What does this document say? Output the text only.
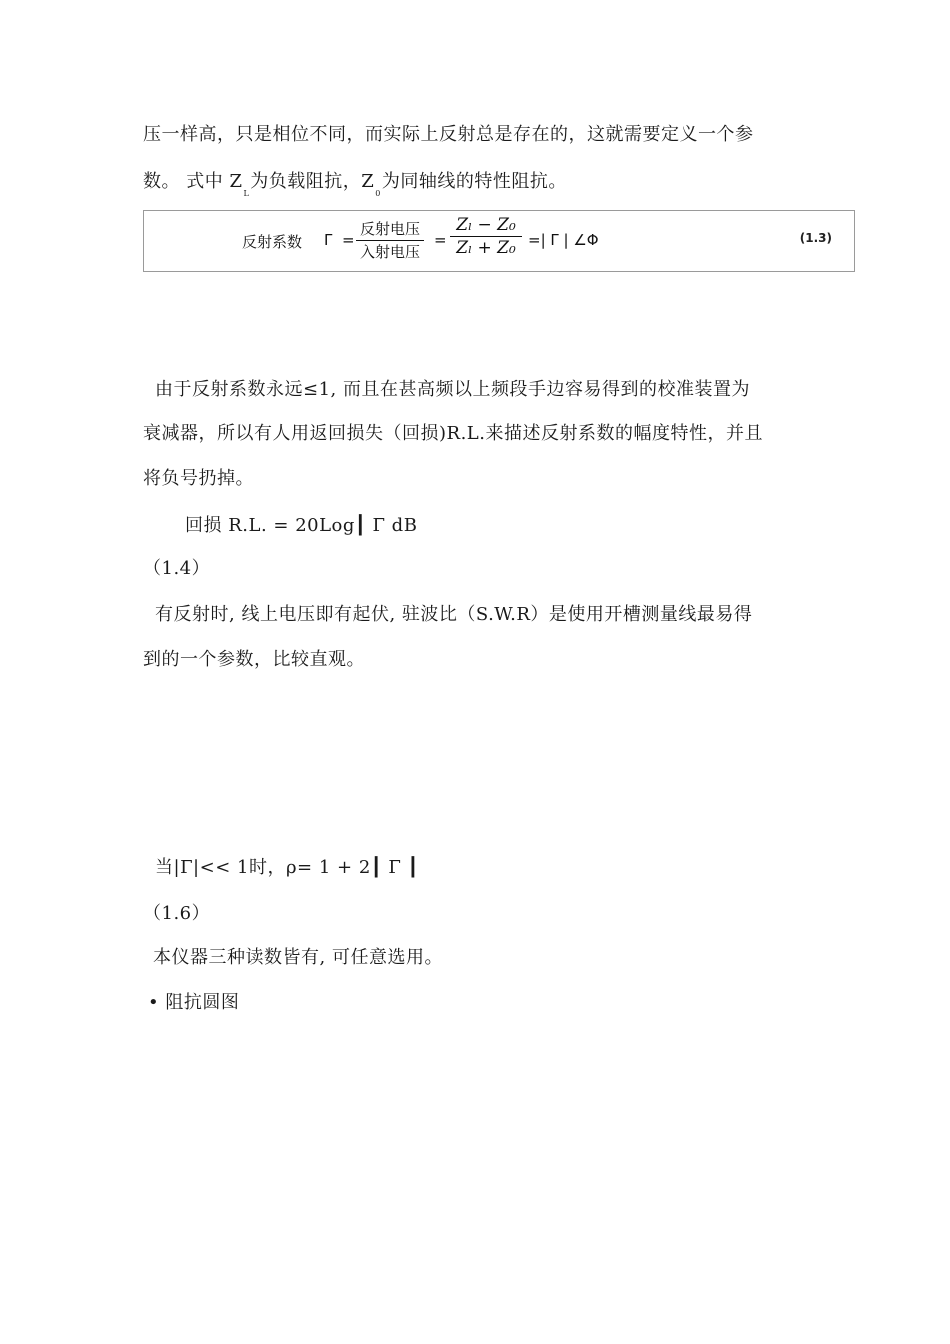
压一样高，只是相位不同，而实际上反射总是存在的，这就需要定义一个参
数。 式中 $Z_L$为负载阻抗，$Z_0$为同轴线的特性阻抗。
反射系数 Γ =
反射电压
入射电压
=
Zₗ − Z₀
Zₗ + Z₀ =| Γ | ∠Φ	(1.3)
由于反射系数永远≤1, 而且在甚高频以上频段手边容易得到的校准装置为
衰减器，所以有人用返回损失（回损)R.L.来描述反射系数的幅度特性，并且
将负号扔掉。
回损 R.L. = 20Log┃ Γ dB
（1.4）
有反射时, 线上电压即有起伏, 驻波比（S.W.R）是使用开槽测量线最易得
到的一个参数，比较直观。
当|Γ|<< 1时，ρ= 1 + 2┃ Γ ┃
（1.6）
本仪器三种读数皆有, 可任意选用。
• 阻抗圆图
